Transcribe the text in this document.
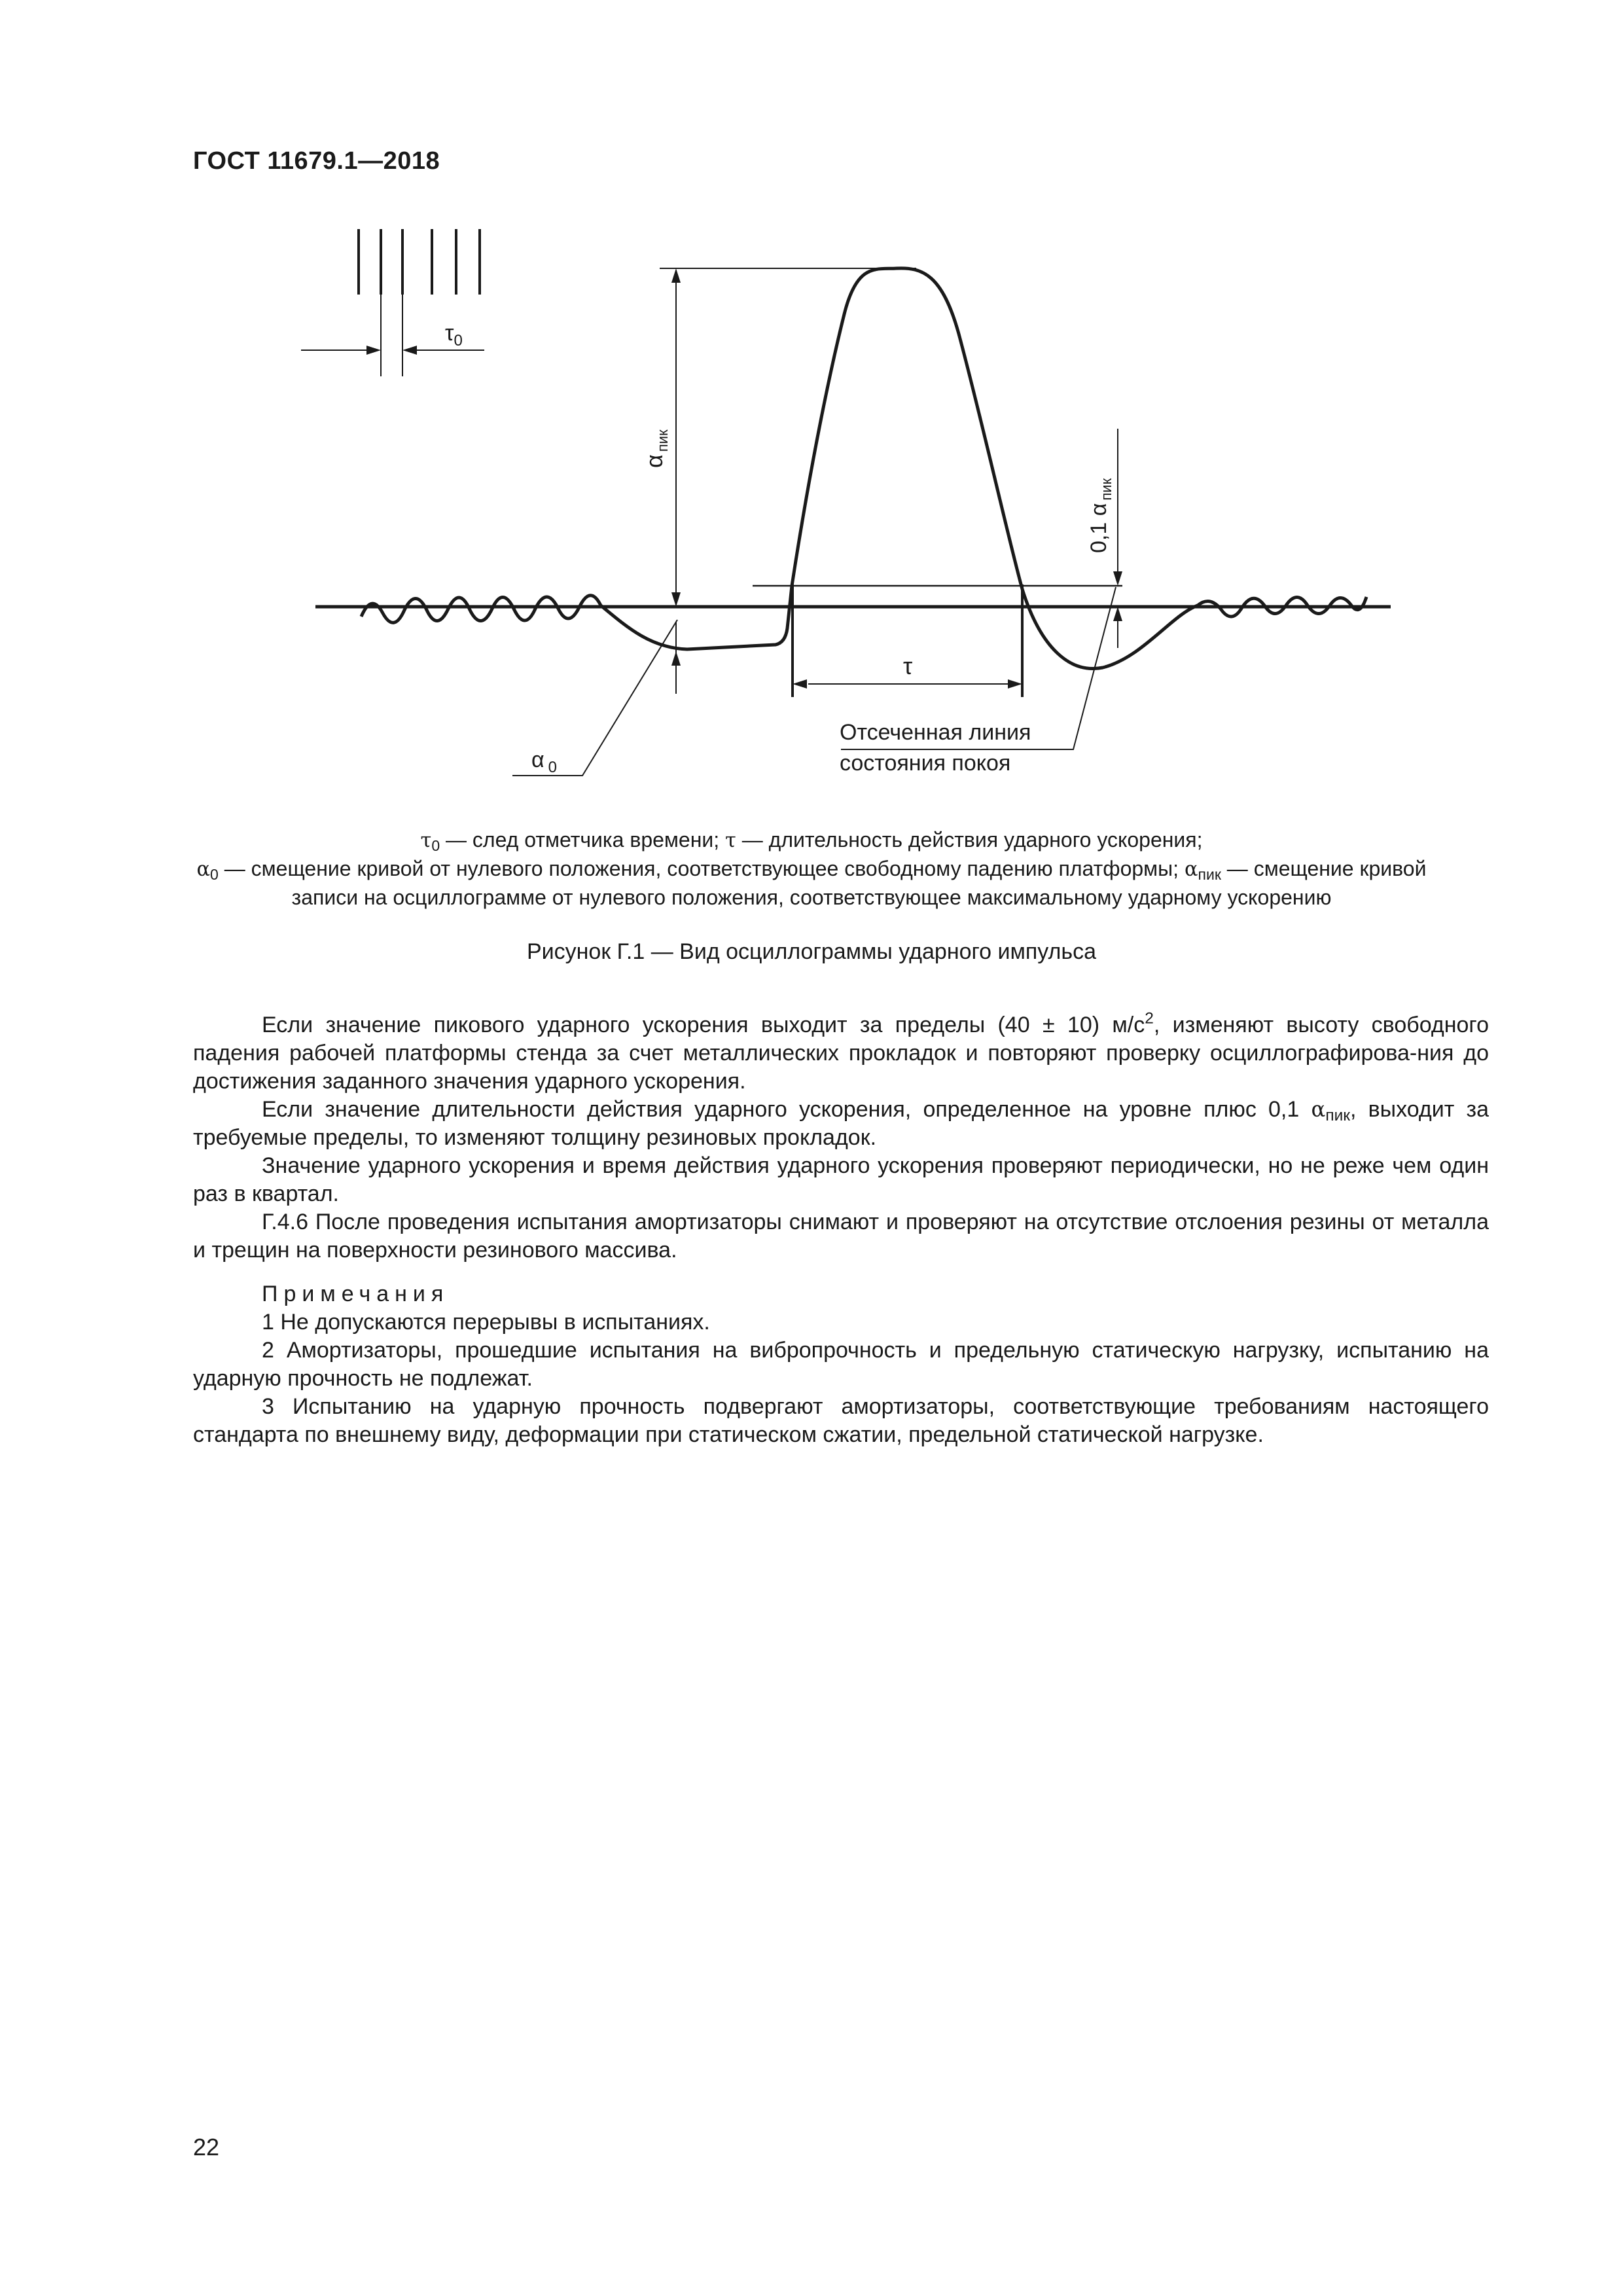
ГОСТ 11679.1—2018
$\tau_0$
$\alpha_{пик}$
0,1 $\alpha_{пик}$
τ
α $_0$
Отсеченная линия
состояния покоя
$\tau_0$ — след отметчика времени; τ — длительность действия ударного ускорения;
$\alpha_0$ — смещение кривой от нулевого положения, соответствующее свободному падению платформы; $\alpha_{пик}$ — смещение кривой
записи на осциллограмме от нулевого положения, соответствующее максимальному ударному ускорению
Рисунок Г.1 — Вид осциллограммы ударного импульса

Если значение пикового ударного ускорения выходит за пределы (40 ± 10) $м/с^2$, изменяют высоту свободного падения рабочей платформы стенда за счет металлических прокладок и повторяют проверку осциллографирова-ния до достижения заданного значения ударного ускорения.

Если значение длительности действия ударного ускорения, определенное на уровне плюс 0,1 $\alpha_{пик}$, выходит за требуемые пределы, то изменяют толщину резиновых прокладок.

Значение ударного ускорения и время действия ударного ускорения проверяют периодически, но не реже чем один раз в квартал.

Г.4.6 После проведения испытания амортизаторы снимают и проверяют на отсутствие отслоения резины от металла и трещин на поверхности резинового массива.

Примечания

1 Не допускаются перерывы в испытаниях.

2 Амортизаторы, прошедшие испытания на вибропрочность и предельную статическую нагрузку, испытанию на ударную прочность не подлежат.

3 Испытанию на ударную прочность подвергают амортизаторы, соответствующие требованиям настоящего стандарта по внешнему виду, деформации при статическом сжатии, предельной статической нагрузке.

22
